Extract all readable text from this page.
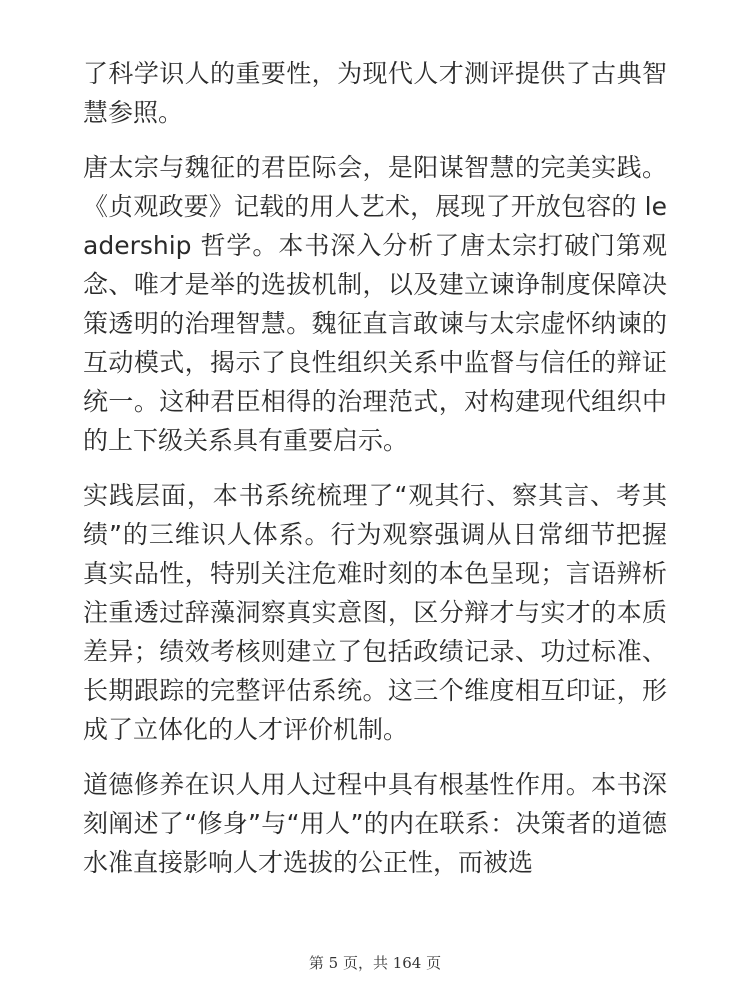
了科学识人的重要性，为现代人才测评提供了古典智慧参照。

唐太宗与魏征的君臣际会，是阳谋智慧的完美实践。《贞观政要》记载的用人艺术，展现了开放包容的 leadership 哲学。本书深入分析了唐太宗打破门第观念、唯才是举的选拔机制，以及建立谏诤制度保障决策透明的治理智慧。魏征直言敢谏与太宗虚怀纳谏的互动模式，揭示了良性组织关系中监督与信任的辩证统一。这种君臣相得的治理范式，对构建现代组织中的上下级关系具有重要启示。

实践层面，本书系统梳理了“观其行、察其言、考其绩”的三维识人体系。行为观察强调从日常细节把握真实品性，特别关注危难时刻的本色呈现；言语辨析注重透过辞藻洞察真实意图，区分辩才与实才的本质差异；绩效考核则建立了包括政绩记录、功过标准、长期跟踪的完整评估系统。这三个维度相互印证，形成了立体化的人才评价机制。

道德修养在识人用人过程中具有根基性作用。本书深刻阐述了“修身”与“用人”的内在联系：决策者的道德水准直接影响人才选拔的公正性，而被选

第 5 页，共 164 页
